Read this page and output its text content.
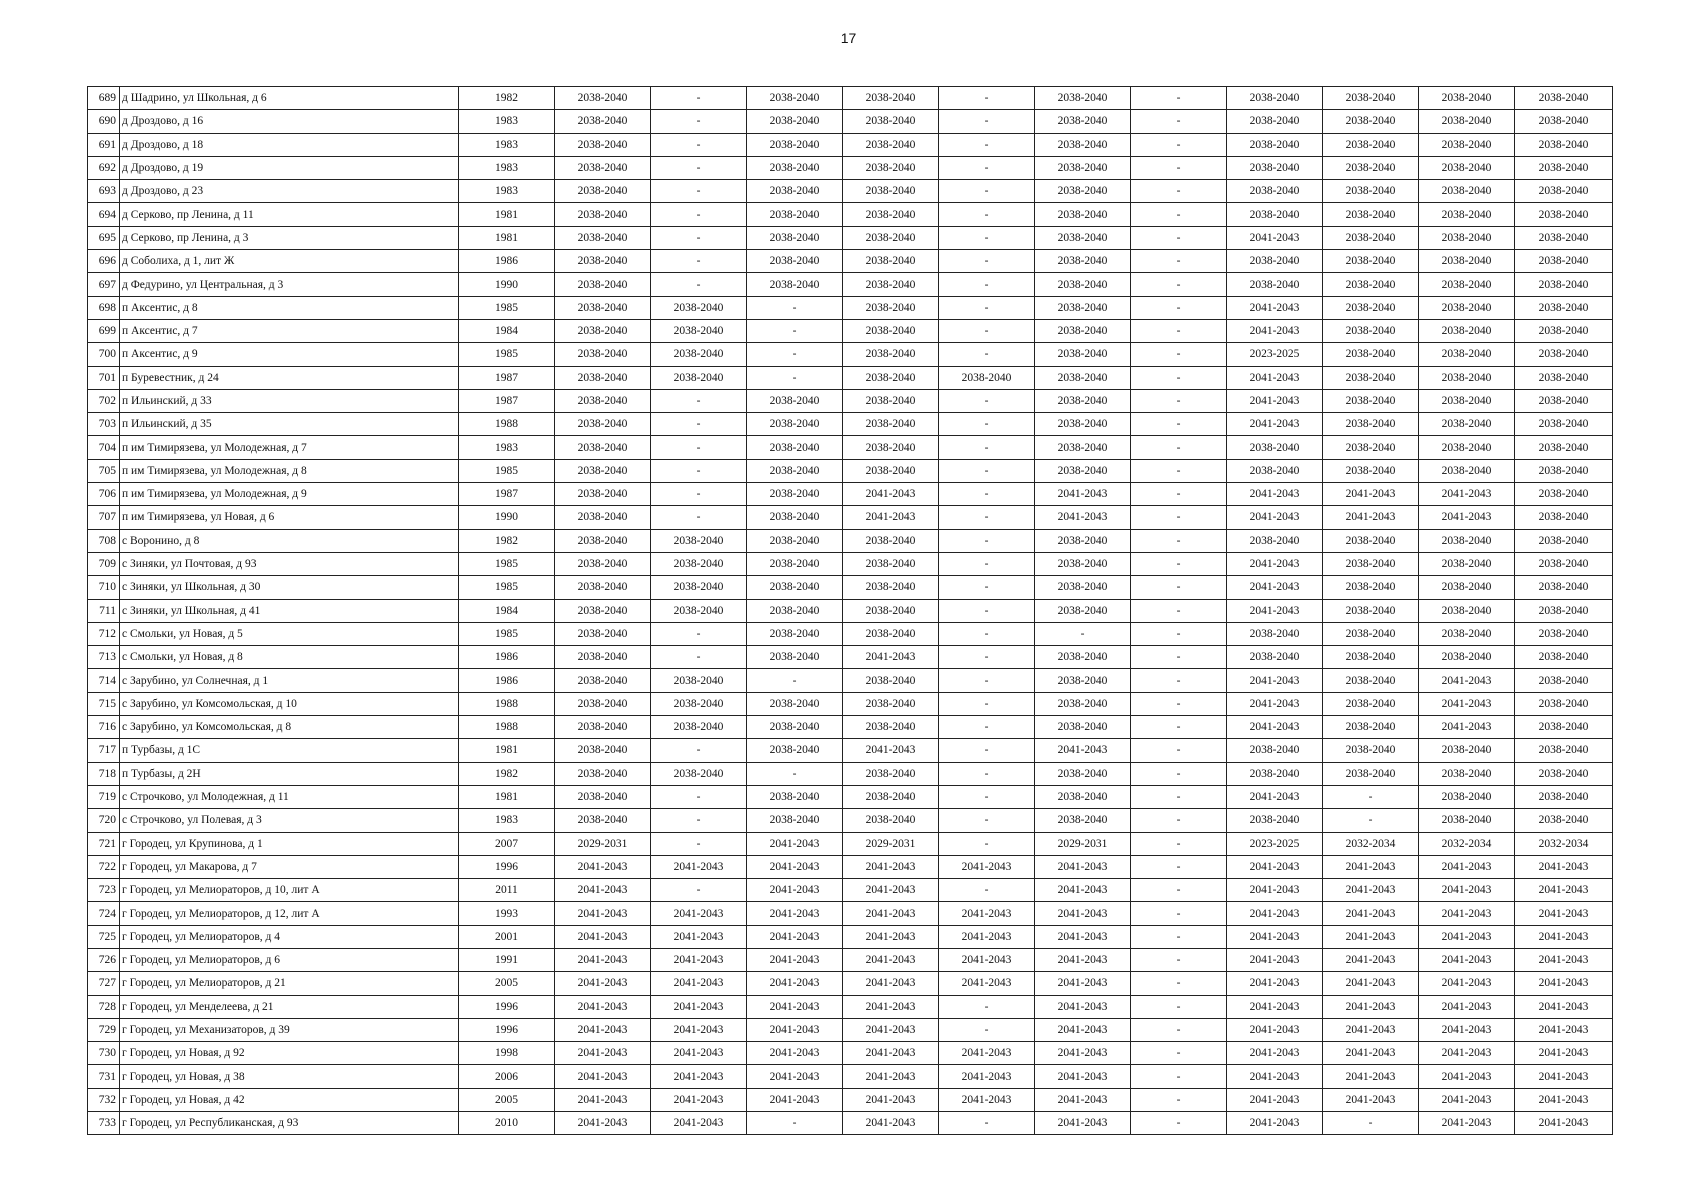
17
689	д Шадрино, ул Школьная, д 6	1982	2038-2040	-	2038-2040	2038-2040	-	2038-2040	-	2038-2040	2038-2040	2038-2040	2038-2040
690	д Дроздово, д 16	1983	2038-2040	-	2038-2040	2038-2040	-	2038-2040	-	2038-2040	2038-2040	2038-2040	2038-2040
691	д Дроздово, д 18	1983	2038-2040	-	2038-2040	2038-2040	-	2038-2040	-	2038-2040	2038-2040	2038-2040	2038-2040
692	д Дроздово, д 19	1983	2038-2040	-	2038-2040	2038-2040	-	2038-2040	-	2038-2040	2038-2040	2038-2040	2038-2040
693	д Дроздово, д 23	1983	2038-2040	-	2038-2040	2038-2040	-	2038-2040	-	2038-2040	2038-2040	2038-2040	2038-2040
694	д Серково, пр Ленина, д 11	1981	2038-2040	-	2038-2040	2038-2040	-	2038-2040	-	2038-2040	2038-2040	2038-2040	2038-2040
695	д Серково, пр Ленина, д 3	1981	2038-2040	-	2038-2040	2038-2040	-	2038-2040	-	2041-2043	2038-2040	2038-2040	2038-2040
696	д Соболиха, д 1, лит Ж	1986	2038-2040	-	2038-2040	2038-2040	-	2038-2040	-	2038-2040	2038-2040	2038-2040	2038-2040
697	д Федурино, ул Центральная, д 3	1990	2038-2040	-	2038-2040	2038-2040	-	2038-2040	-	2038-2040	2038-2040	2038-2040	2038-2040
698	п Аксентис, д 8	1985	2038-2040	2038-2040	-	2038-2040	-	2038-2040	-	2041-2043	2038-2040	2038-2040	2038-2040
699	п Аксентис, д 7	1984	2038-2040	2038-2040	-	2038-2040	-	2038-2040	-	2041-2043	2038-2040	2038-2040	2038-2040
700	п Аксентис, д 9	1985	2038-2040	2038-2040	-	2038-2040	-	2038-2040	-	2023-2025	2038-2040	2038-2040	2038-2040
701	п Буревестник, д 24	1987	2038-2040	2038-2040	-	2038-2040	2038-2040	2038-2040	-	2041-2043	2038-2040	2038-2040	2038-2040
702	п Ильинский, д 33	1987	2038-2040	-	2038-2040	2038-2040	-	2038-2040	-	2041-2043	2038-2040	2038-2040	2038-2040
703	п Ильинский, д 35	1988	2038-2040	-	2038-2040	2038-2040	-	2038-2040	-	2041-2043	2038-2040	2038-2040	2038-2040
704	п им Тимирязева, ул Молодежная, д 7	1983	2038-2040	-	2038-2040	2038-2040	-	2038-2040	-	2038-2040	2038-2040	2038-2040	2038-2040
705	п им Тимирязева, ул Молодежная, д 8	1985	2038-2040	-	2038-2040	2038-2040	-	2038-2040	-	2038-2040	2038-2040	2038-2040	2038-2040
706	п им Тимирязева, ул Молодежная, д 9	1987	2038-2040	-	2038-2040	2041-2043	-	2041-2043	-	2041-2043	2041-2043	2041-2043	2038-2040
707	п им Тимирязева, ул Новая, д 6	1990	2038-2040	-	2038-2040	2041-2043	-	2041-2043	-	2041-2043	2041-2043	2041-2043	2038-2040
708	с Воронино, д 8	1982	2038-2040	2038-2040	2038-2040	2038-2040	-	2038-2040	-	2038-2040	2038-2040	2038-2040	2038-2040
709	с Зиняки, ул Почтовая, д 93	1985	2038-2040	2038-2040	2038-2040	2038-2040	-	2038-2040	-	2041-2043	2038-2040	2038-2040	2038-2040
710	с Зиняки, ул Школьная, д 30	1985	2038-2040	2038-2040	2038-2040	2038-2040	-	2038-2040	-	2041-2043	2038-2040	2038-2040	2038-2040
711	с Зиняки, ул Школьная, д 41	1984	2038-2040	2038-2040	2038-2040	2038-2040	-	2038-2040	-	2041-2043	2038-2040	2038-2040	2038-2040
712	с Смольки, ул Новая, д 5	1985	2038-2040	-	2038-2040	2038-2040	-	-	-	2038-2040	2038-2040	2038-2040	2038-2040
713	с Смольки, ул Новая, д 8	1986	2038-2040	-	2038-2040	2041-2043	-	2038-2040	-	2038-2040	2038-2040	2038-2040	2038-2040
714	с Зарубино, ул Солнечная, д 1	1986	2038-2040	2038-2040	-	2038-2040	-	2038-2040	-	2041-2043	2038-2040	2041-2043	2038-2040
715	с Зарубино, ул Комсомольская, д 10	1988	2038-2040	2038-2040	2038-2040	2038-2040	-	2038-2040	-	2041-2043	2038-2040	2041-2043	2038-2040
716	с Зарубино, ул Комсомольская, д 8	1988	2038-2040	2038-2040	2038-2040	2038-2040	-	2038-2040	-	2041-2043	2038-2040	2041-2043	2038-2040
717	п Турбазы, д 1С	1981	2038-2040	-	2038-2040	2041-2043	-	2041-2043	-	2038-2040	2038-2040	2038-2040	2038-2040
718	п Турбазы, д 2Н	1982	2038-2040	2038-2040	-	2038-2040	-	2038-2040	-	2038-2040	2038-2040	2038-2040	2038-2040
719	с Строчково, ул Молодежная, д 11	1981	2038-2040	-	2038-2040	2038-2040	-	2038-2040	-	2041-2043	-	2038-2040	2038-2040
720	с Строчково, ул Полевая, д 3	1983	2038-2040	-	2038-2040	2038-2040	-	2038-2040	-	2038-2040	-	2038-2040	2038-2040
721	г Городец, ул Крупинова, д 1	2007	2029-2031	-	2041-2043	2029-2031	-	2029-2031	-	2023-2025	2032-2034	2032-2034	2032-2034
722	г Городец, ул Макарова, д 7	1996	2041-2043	2041-2043	2041-2043	2041-2043	2041-2043	2041-2043	-	2041-2043	2041-2043	2041-2043	2041-2043
723	г Городец, ул Мелиораторов, д 10, лит А	2011	2041-2043	-	2041-2043	2041-2043	-	2041-2043	-	2041-2043	2041-2043	2041-2043	2041-2043
724	г Городец, ул Мелиораторов, д 12, лит А	1993	2041-2043	2041-2043	2041-2043	2041-2043	2041-2043	2041-2043	-	2041-2043	2041-2043	2041-2043	2041-2043
725	г Городец, ул Мелиораторов, д 4	2001	2041-2043	2041-2043	2041-2043	2041-2043	2041-2043	2041-2043	-	2041-2043	2041-2043	2041-2043	2041-2043
726	г Городец, ул Мелиораторов, д 6	1991	2041-2043	2041-2043	2041-2043	2041-2043	2041-2043	2041-2043	-	2041-2043	2041-2043	2041-2043	2041-2043
727	г Городец, ул Мелиораторов, д 21	2005	2041-2043	2041-2043	2041-2043	2041-2043	2041-2043	2041-2043	-	2041-2043	2041-2043	2041-2043	2041-2043
728	г Городец, ул Менделеева, д 21	1996	2041-2043	2041-2043	2041-2043	2041-2043	-	2041-2043	-	2041-2043	2041-2043	2041-2043	2041-2043
729	г Городец, ул Механизаторов, д 39	1996	2041-2043	2041-2043	2041-2043	2041-2043	-	2041-2043	-	2041-2043	2041-2043	2041-2043	2041-2043
730	г Городец, ул Новая, д 92	1998	2041-2043	2041-2043	2041-2043	2041-2043	2041-2043	2041-2043	-	2041-2043	2041-2043	2041-2043	2041-2043
731	г Городец, ул Новая, д 38	2006	2041-2043	2041-2043	2041-2043	2041-2043	2041-2043	2041-2043	-	2041-2043	2041-2043	2041-2043	2041-2043
732	г Городец, ул Новая, д 42	2005	2041-2043	2041-2043	2041-2043	2041-2043	2041-2043	2041-2043	-	2041-2043	2041-2043	2041-2043	2041-2043
733	г Городец, ул Республиканская, д 93	2010	2041-2043	2041-2043	-	2041-2043	-	2041-2043	-	2041-2043	-	2041-2043	2041-2043
